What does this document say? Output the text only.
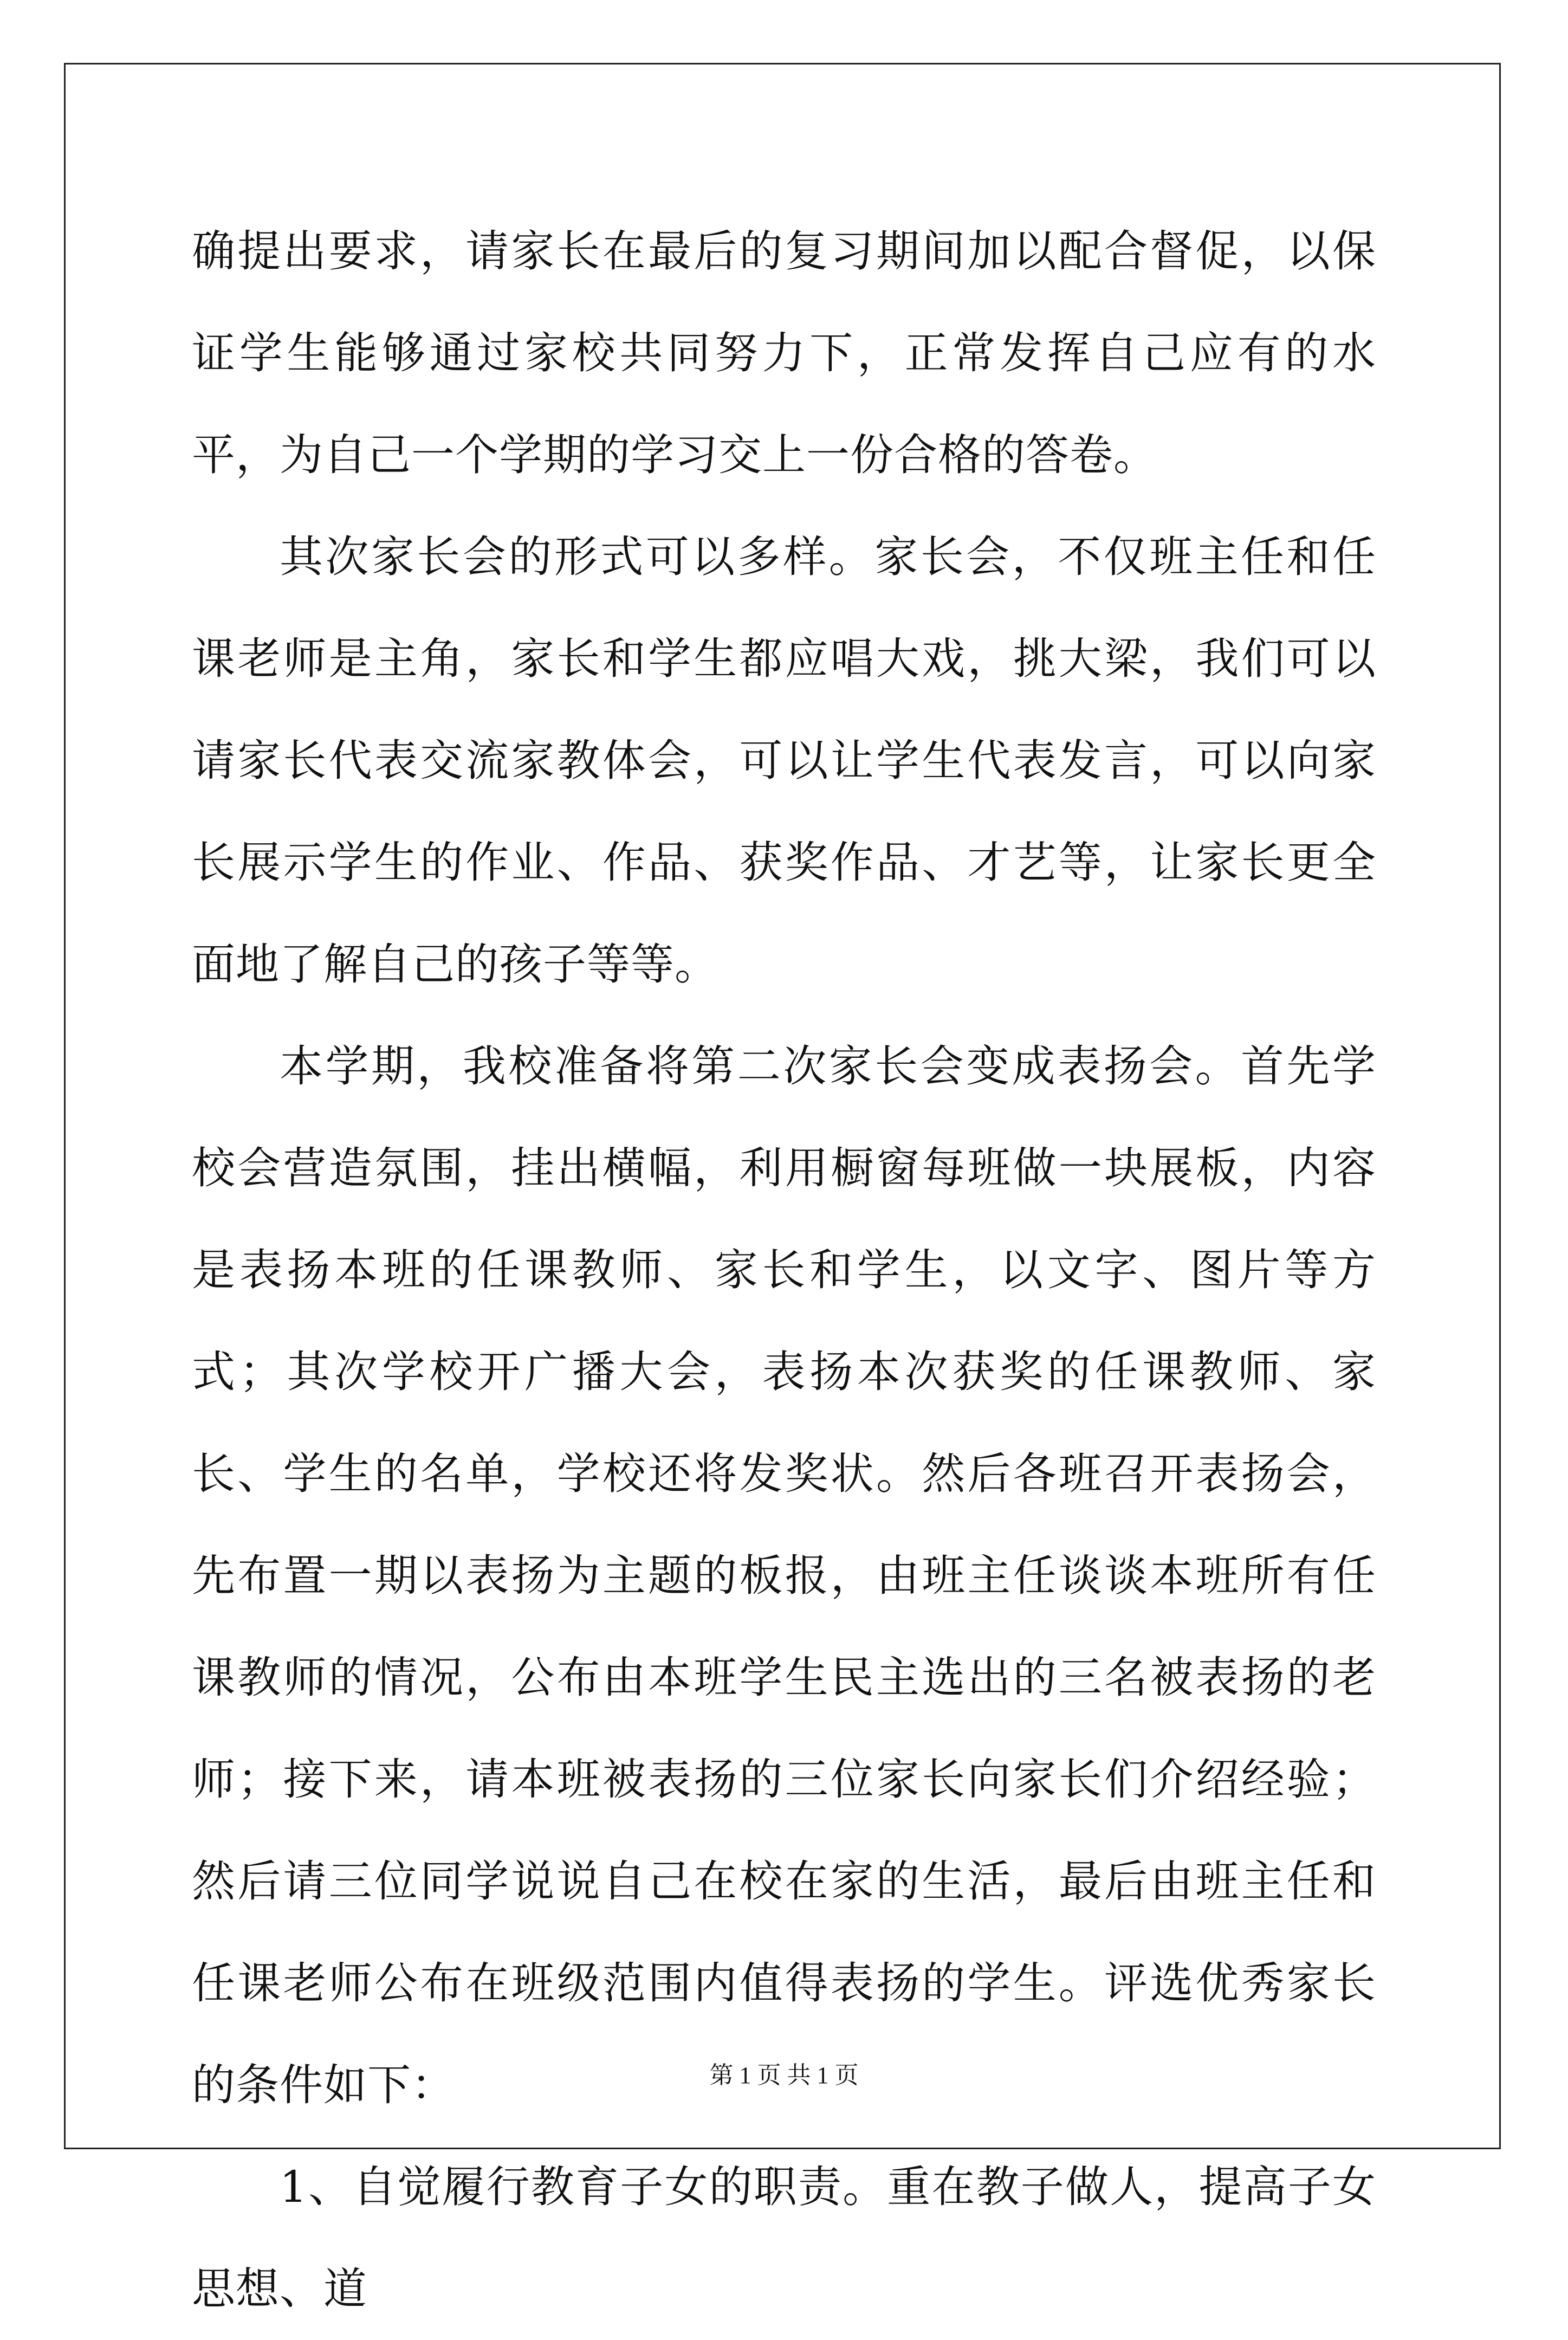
确提出要求，请家长在最后的复习期间加以配合督促，以保证学生能够通过家校共同努力下，正常发挥自己应有的水平，为自己一个学期的学习交上一份合格的答卷。

其次家长会的形式可以多样。家长会，不仅班主任和任课老师是主角，家长和学生都应唱大戏，挑大梁，我们可以请家长代表交流家教体会，可以让学生代表发言，可以向家长展示学生的作业、作品、获奖作品、才艺等，让家长更全面地了解自己的孩子等等。

本学期，我校准备将第二次家长会变成表扬会。首先学校会营造氛围，挂出横幅，利用橱窗每班做一块展板，内容是表扬本班的任课教师、家长和学生，以文字、图片等方式；其次学校开广播大会，表扬本次获奖的任课教师、家长、学生的名单，学校还将发奖状。然后各班召开表扬会，先布置一期以表扬为主题的板报，由班主任谈谈本班所有任课教师的情况，公布由本班学生民主选出的三名被表扬的老师；接下来，请本班被表扬的三位家长向家长们介绍经验；然后请三位同学说说自己在校在家的生活，最后由班主任和任课老师公布在班级范围内值得表扬的学生。评选优秀家长的条件如下：

1、自觉履行教育子女的职责。重在教子做人，提高子女思想、道

第 1 页 共 1 页
